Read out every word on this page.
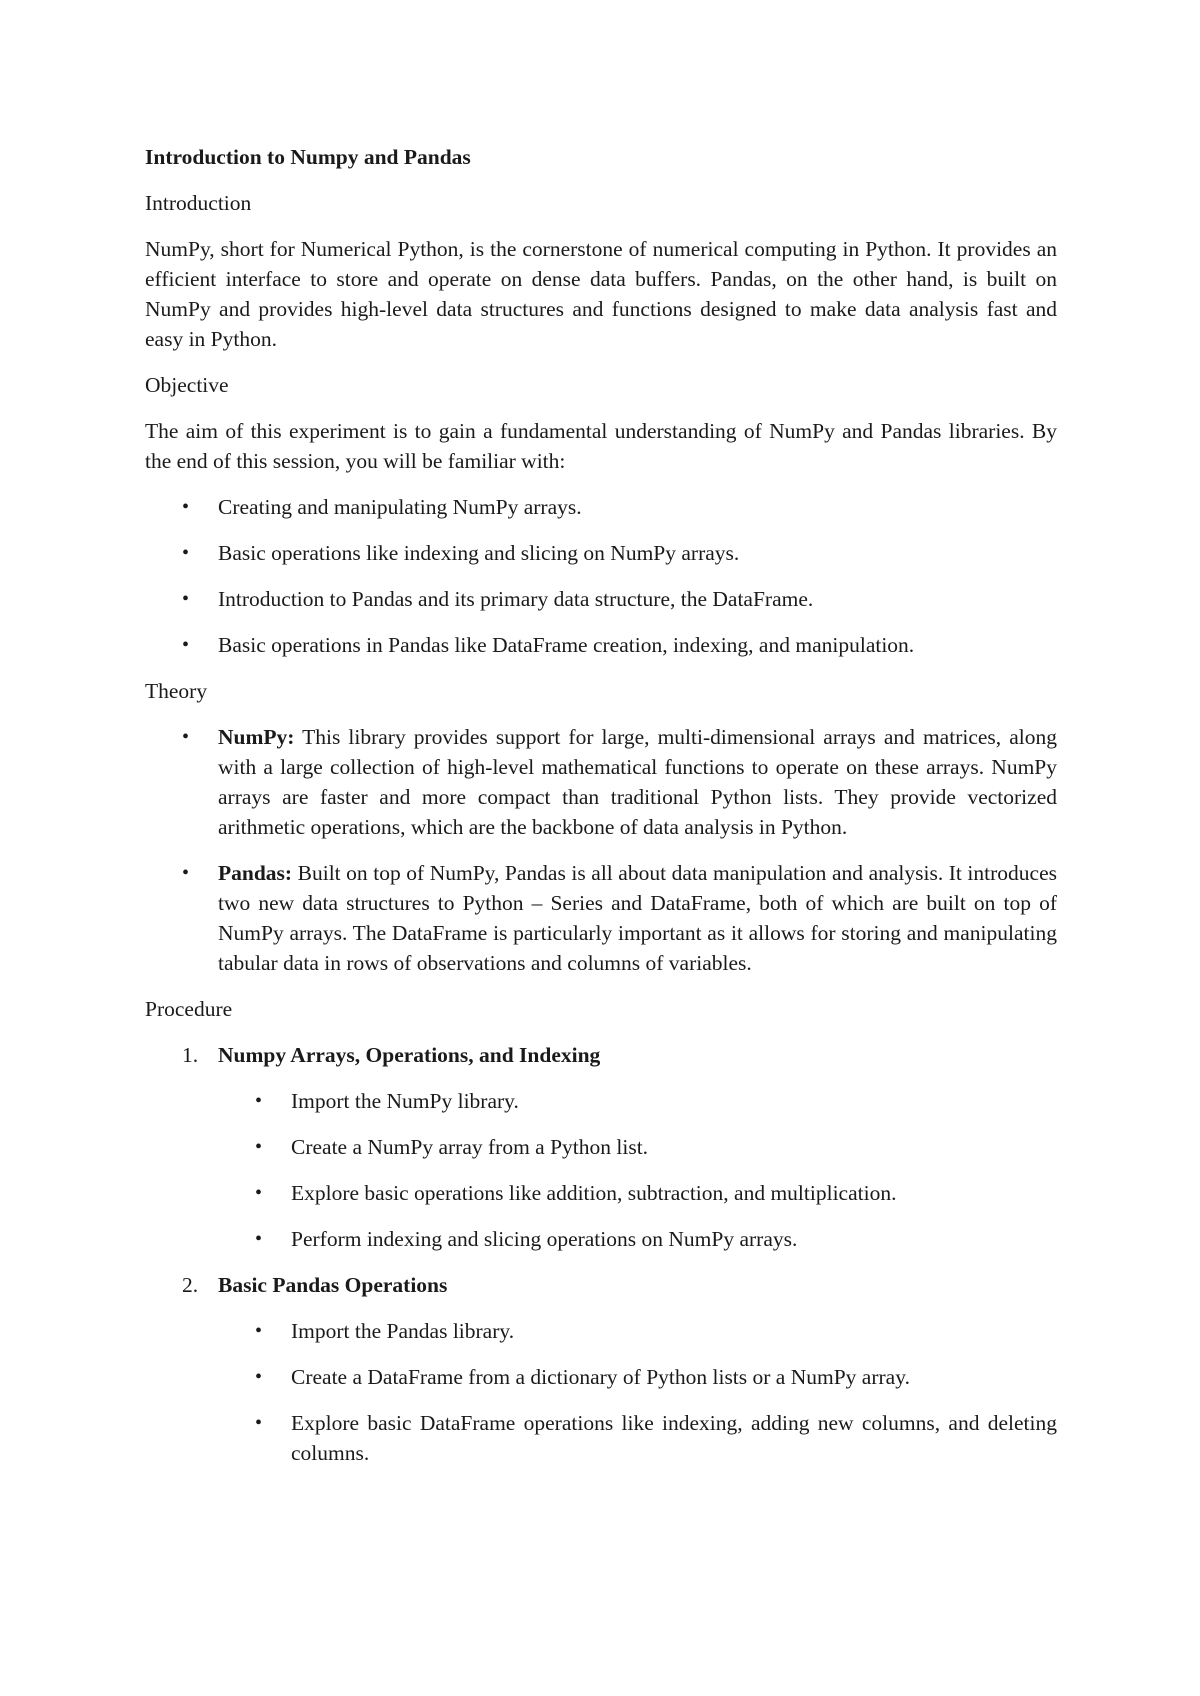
Introduction to Numpy and Pandas
Introduction
NumPy, short for Numerical Python, is the cornerstone of numerical computing in Python. It provides an efficient interface to store and operate on dense data buffers. Pandas, on the other hand, is built on NumPy and provides high-level data structures and functions designed to make data analysis fast and easy in Python.
Objective
The aim of this experiment is to gain a fundamental understanding of NumPy and Pandas libraries. By the end of this session, you will be familiar with:
• Creating and manipulating NumPy arrays.
• Basic operations like indexing and slicing on NumPy arrays.
• Introduction to Pandas and its primary data structure, the DataFrame.
• Basic operations in Pandas like DataFrame creation, indexing, and manipulation.
Theory
• NumPy: This library provides support for large, multi-dimensional arrays and matrices, along with a large collection of high-level mathematical functions to operate on these arrays. NumPy arrays are faster and more compact than traditional Python lists. They provide vectorized arithmetic operations, which are the backbone of data analysis in Python.
• Pandas: Built on top of NumPy, Pandas is all about data manipulation and analysis. It introduces two new data structures to Python – Series and DataFrame, both of which are built on top of NumPy arrays. The DataFrame is particularly important as it allows for storing and manipulating tabular data in rows of observations and columns of variables.
Procedure
1. Numpy Arrays, Operations, and Indexing
• Import the NumPy library.
• Create a NumPy array from a Python list.
• Explore basic operations like addition, subtraction, and multiplication.
• Perform indexing and slicing operations on NumPy arrays.
2. Basic Pandas Operations
• Import the Pandas library.
• Create a DataFrame from a dictionary of Python lists or a NumPy array.
• Explore basic DataFrame operations like indexing, adding new columns, and deleting columns.
